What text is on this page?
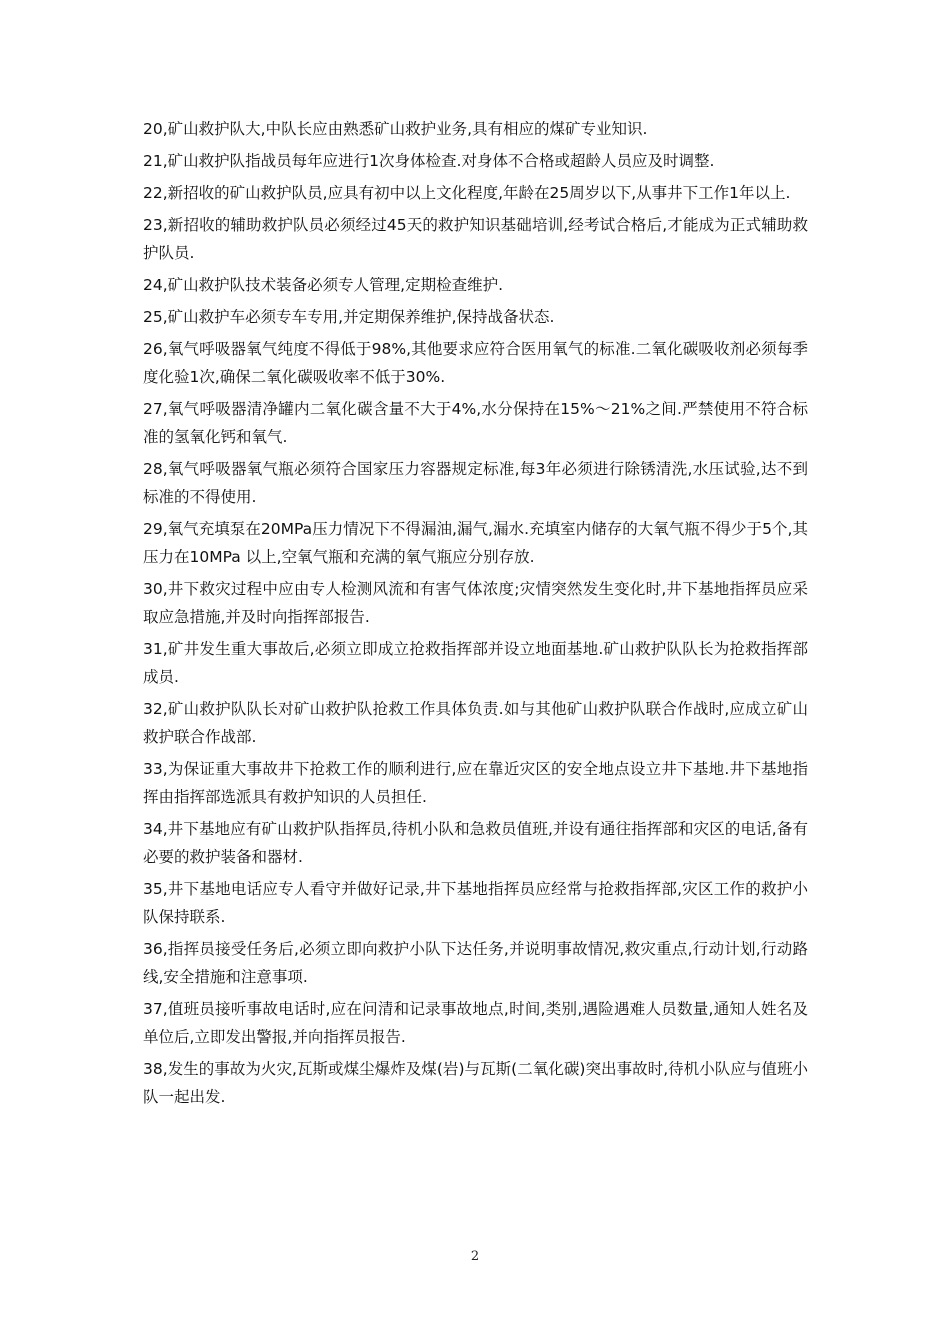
20,矿山救护队大,中队长应由熟悉矿山救护业务,具有相应的煤矿专业知识.

21,矿山救护队指战员每年应进行1次身体检查.对身体不合格或超龄人员应及时调整.

22,新招收的矿山救护队员,应具有初中以上文化程度,年龄在25周岁以下,从事井下工作1年以上.

23,新招收的辅助救护队员必须经过45天的救护知识基础培训,经考试合格后,才能成为正式辅助救护队员.

24,矿山救护队技术装备必须专人管理,定期检查维护.

25,矿山救护车必须专车专用,并定期保养维护,保持战备状态.

26,氧气呼吸器氧气纯度不得低于98%,其他要求应符合医用氧气的标准.二氧化碳吸收剂必须每季度化验1次,确保二氧化碳吸收率不低于30%.

27,氧气呼吸器清净罐内二氧化碳含量不大于4%,水分保持在15%～21%之间.严禁使用不符合标准的氢氧化钙和氧气.

28,氧气呼吸器氧气瓶必须符合国家压力容器规定标准,每3年必须进行除锈清洗,水压试验,达不到标准的不得使用.

29,氧气充填泵在20MPa压力情况下不得漏油,漏气,漏水.充填室内储存的大氧气瓶不得少于5个,其压力在10MPa 以上,空氧气瓶和充满的氧气瓶应分别存放.

30,井下救灾过程中应由专人检测风流和有害气体浓度;灾情突然发生变化时,井下基地指挥员应采取应急措施,并及时向指挥部报告.

31,矿井发生重大事故后,必须立即成立抢救指挥部并设立地面基地.矿山救护队队长为抢救指挥部成员.

32,矿山救护队队长对矿山救护队抢救工作具体负责.如与其他矿山救护队联合作战时,应成立矿山救护联合作战部.

33,为保证重大事故井下抢救工作的顺利进行,应在靠近灾区的安全地点设立井下基地.井下基地指挥由指挥部选派具有救护知识的人员担任.

34,井下基地应有矿山救护队指挥员,待机小队和急救员值班,并设有通往指挥部和灾区的电话,备有必要的救护装备和器材.

35,井下基地电话应专人看守并做好记录,井下基地指挥员应经常与抢救指挥部,灾区工作的救护小队保持联系.

36,指挥员接受任务后,必须立即向救护小队下达任务,并说明事故情况,救灾重点,行动计划,行动路线,安全措施和注意事项.

37,值班员接听事故电话时,应在问清和记录事故地点,时间,类别,遇险遇难人员数量,通知人姓名及单位后,立即发出警报,并向指挥员报告.

38,发生的事故为火灾,瓦斯或煤尘爆炸及煤(岩)与瓦斯(二氧化碳)突出事故时,待机小队应与值班小队一起出发.

2
